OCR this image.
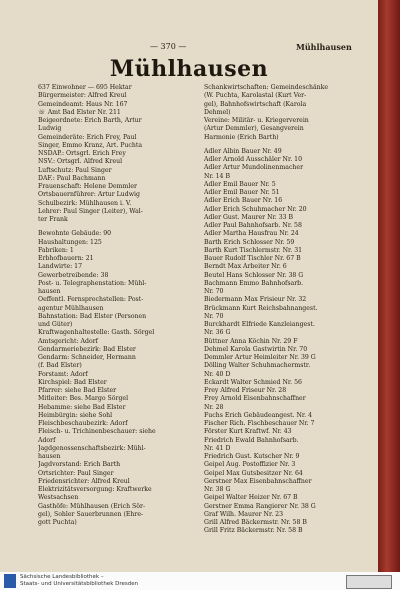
— 370 —	Mühlhausen
Mühlhausen
637 Einwohner — 695 Hektar
Bürgermeister: Alfred Kreul
Gemeindeamt: Haus Nr. 167
☏ Amt Bad Elster Nr. 211
Beigeordnete: Erich Barth, Artur
Ludwig
Gemeinderäte: Erich Frey, Paul
Singer, Emmo Kranz, Art. Puchta
NSDAP.: Ortsgrl. Erich Frey
NSV.: Ortsgrl. Alfred Kreul
Luftschutz: Paul Singer
DAF.: Paul Bachmann
Frauenschaft: Helene Demmler
Ortsbauernführer: Artur Ludwig
Schulbezirk: Mühlhausen i. V.
Lehrer: Paul Singer (Leiter), Wal-
ter Frank
Bewohnte Gebäude: 90
Haushaltungen: 125
Fabriken: 1
Erbhofbauern: 21
Landwirte: 17
Gewerbetreibende: 38
Post- u. Telegraphenstation: Mühl-
hausen
Oeffentl. Fernsprechstellen: Post-
agentur Mühlhausen
Bahnstation: Bad Elster (Personen
und Güter)
Kraftwagenhaltestelle: Gasth. Sörgel
Amtsgericht: Adorf
Gendarmeriebezirk: Bad Elster
Gendarm: Schneider, Hermann
(f. Bad Elster)
Forstamt: Adorf
Kirchspiel: Bad Elster
Pfarrer: siehe Bad Elster
Mitleiter: Bes. Margo Sörgel
Hebamme: siehe Bad Elster
Heimbürgin: siehe Sohl
Fleischbeschaubezirk: Adorf
Fleisch- u. Trichinenbeschauer: siehe
Adorf
Jagdgenossenschaftsbezirk: Mühl-
hausen
Jagdvorstand: Erich Barth
Ortsrichter: Paul Singer
Friedensrichter: Alfred Kreul
Elektrizitätsversorgung: Kraftwerke
Westsachsen
Gasthöfe: Mühlhausen (Erich Sör-
gel), Sohler Sauerbrunnen (Ehre-
gott Puchta)
Schankwirtschaften: Gemeindeschänke
(W. Puchta, Karolastal (Kurt Ver-
gel), Bahnhofswirtschaft (Karola
Dehmel)
Vereine: Militär- u. Kriegerverein
(Artur Demmler), Gesangverein
Harmonie (Erich Barth)
Adler Albin Bauer Nr. 49
Adler Arnold Ausschäler Nr. 10
Adler Artur Mundolinenmacher
Nr. 14 B
Adler Emil Bauer Nr. 5
Adler Emil Bauer Nr. 51
Adler Erich Bauer Nr. 16
Adler Erich Schuhmacher Nr. 20
Adler Gust. Maurer Nr. 33 B
Adler Paul Bahnhofsarb. Nr. 58
Adler Martha Hausfrau Nr. 24
Barth Erich Schlosser Nr. 59
Barth Kurt Tischlermstr. Nr. 31
Bauer Rudolf Tischler Nr. 67 B
Berndt Max Arbeiter Nr. 6
Beutel Hans Schlosser Nr. 38 G
Bachmann Emmo Bahnhofsarb.
Nr. 70
Biedermann Max Frisieur Nr. 32
Brückmann Kurt Reichsbahnangest.
Nr. 70
Burckhardt Elfriede Kanzleiangest.
Nr. 36 G
Büttner Anna Köchin Nr. 29 F
Dehmel Karola Gastwirtin Nr. 70
Demmler Artur Heimleiter Nr. 39 G
Dölling Walter Schuhmachermstr.
Nr. 40 D
Eckardt Walter Schmied Nr. 56
Frey Alfred Friseur Nr. 28
Frey Arnold Eisenbahnschaffner
Nr. 28
Fuchs Erich Gebäudeangest. Nr. 4
Fischer Rich. Fischbeschauer Nr. 7
Förster Kurt Kraftwf. Nr. 43
Friedrich Ewald Bahnhofsarb.
Nr. 41 D
Friedrich Gust. Kutscher Nr. 9
Geipel Aug. Postoffizier Nr. 3
Geipel Max Gutsbesitzer Nr. 64
Gerstner Max Eisenbahnschaffner
Nr. 38 G
Geipel Walter Heizer Nr. 67 B
Gerstner Emma Rangierer Nr. 38 G
Graf Wilh. Maurer Nr. 23
Grill Alfred Bäckermstr. Nr. 58 B
Grill Fritz Bäckermstr. Nr. 58 B
Sächsische Landesbibliothek –
Staats- und Universitätsbibliothek Dresden
